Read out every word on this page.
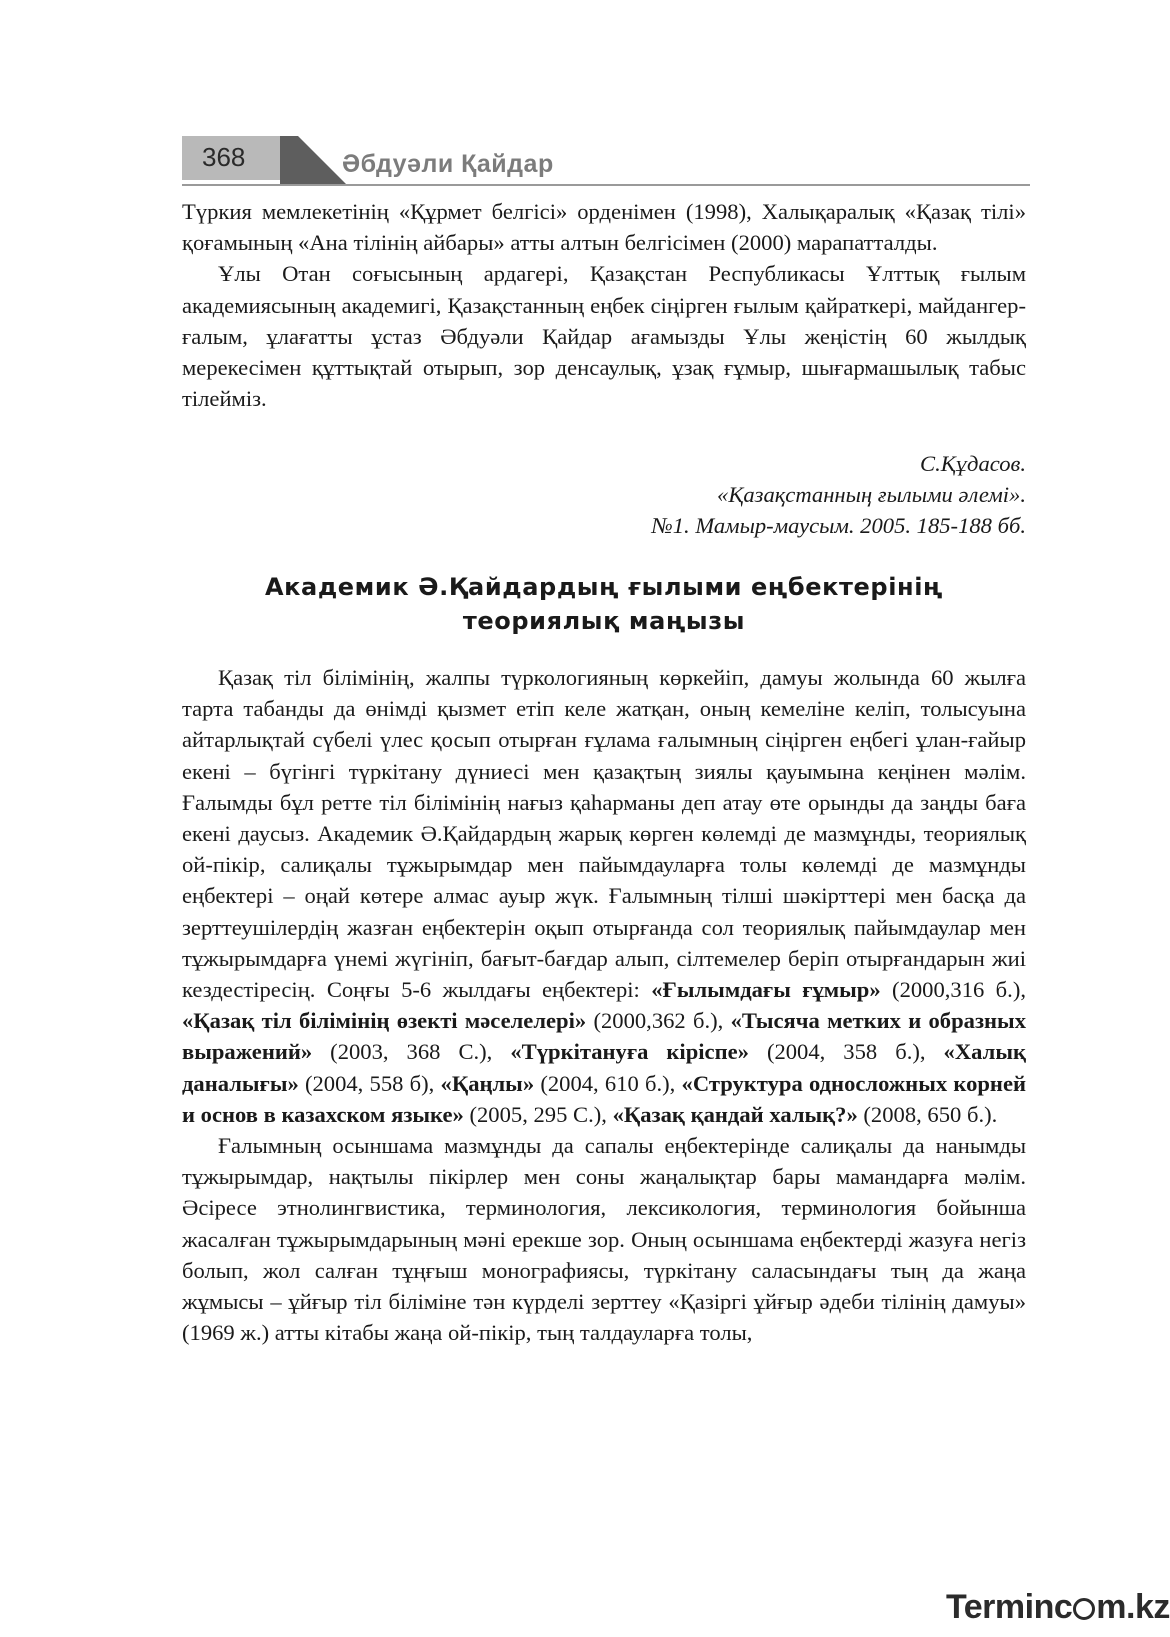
368	Әбдуәли Қайдар

Түркия мемлекетінің «Құрмет белгісі» орденімен (1998), Халықаралық «Қазақ тілі» қоғамының «Ана тілінің айбары» атты алтын белгісімен (2000) марапатталды.

Ұлы Отан соғысының ардагері, Қазақстан Республикасы Ұлттық ғылым академиясының академигі, Қазақстанның еңбек сіңірген ғылым қайраткері, майдангер-ғалым, ұлағатты ұстаз Әбдуәли Қайдар ағамызды Ұлы жеңістің 60 жылдық мерекесімен құттықтай отырып, зор денсаулық, ұзақ ғұмыр, шығармашылық табыс тілейміз.

С.Құдасов.
«Қазақстанның ғылыми әлемі».
№1. Мамыр-маусым. 2005. 185-188 бб.
Академик Ә.Қайдардың ғылыми еңбектерінің
теориялық маңызы

Қазақ тіл білімінің, жалпы түркологияның көркейіп, дамуы жолында 60 жылға тарта табанды да өнімді қызмет етіп келе жатқан, оның кемеліне келіп, толысуына айтарлықтай сүбелі үлес қосып отырған ғұлама ғалымның сіңірген еңбегі ұлан-ғайыр екені – бүгінгі түркітану дүниесі мен қазақтың зиялы қауымына кеңінен мәлім. Ғалымды бұл ретте тіл білімінің нағыз қаһарманы деп атау өте орынды да заңды баға екені даусыз. Академик Ә.Қайдардың жарық көрген көлемді де мазмұнды, теориялық ой-пікір, салиқалы тұжырымдар мен пайымдауларға толы көлемді де мазмұнды еңбектері – оңай көтере алмас ауыр жүк. Ғалымның тілші шәкірттері мен басқа да зерттеушілердің жазған еңбектерін оқып отырғанда сол теориялық пайымдаулар мен тұжырымдарға үнемі жүгініп, бағыт-бағдар алып, сілтемелер беріп отырғандарын жиі кездестіресің. Соңғы 5-6 жылдағы еңбектері: «Ғылымдағы ғұмыр» (2000,316 б.), «Қазақ тіл білімінің өзекті мәселелері» (2000,362 б.), «Тысяча метких и образных выражений» (2003, 368 С.), «Түркітануға кіріспе» (2004, 358 б.), «Халық даналығы» (2004, 558 б), «Қаңлы» (2004, 610 б.), «Структура односложных корней и основ в казахском языке» (2005, 295 С.), «Қазақ қандай халық?» (2008, 650 б.).

Ғалымның осыншама мазмұнды да сапалы еңбектерінде салиқалы да нанымды тұжырымдар, нақтылы пікірлер мен соны жаңалықтар бары мамандарға мәлім. Әсіресе этнолингвистика, терминология, лексикология, терминология бойынша жасалған тұжырымдарының мәні ерекше зор. Оның осыншама еңбектерді жазуға негіз болып, жол салған тұңғыш монографиясы, түркітану саласындағы тың да жаңа жұмысы – ұйғыр тіл біліміне тән күрделі зерттеу «Қазіргі ұйғыр әдеби тілінің дамуы» (1969 ж.) атты кітабы жаңа ой-пікір, тың талдауларға толы,

Terminc m.kz
